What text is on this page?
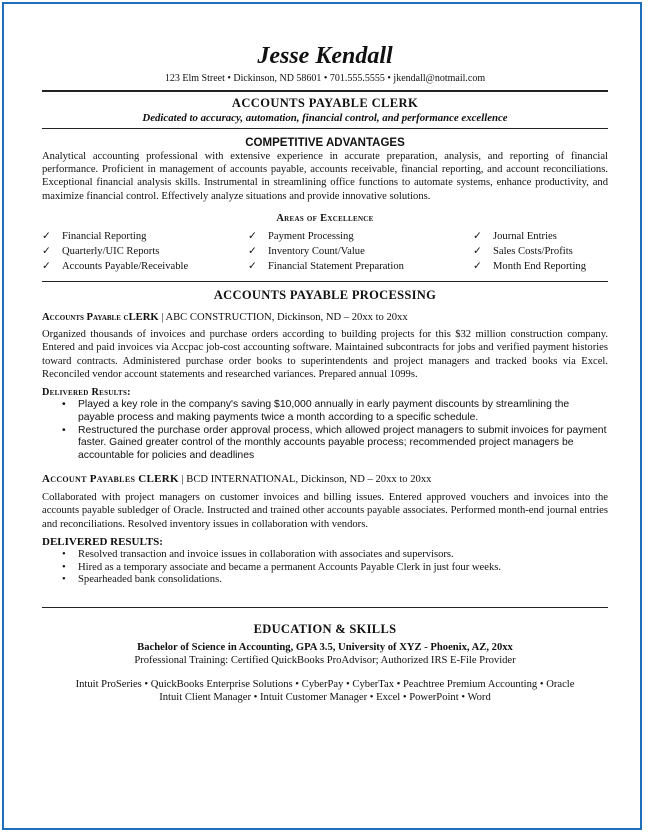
Jesse Kendall
123 Elm Street • Dickinson, ND 58601 • 701.555.5555 • jkendall@notmail.com
ACCOUNTS PAYABLE CLERK
Dedicated to accuracy, automation, financial control, and performance excellence
COMPETITIVE ADVANTAGES
Analytical accounting professional with extensive experience in accurate preparation, analysis, and reporting of financial performance. Proficient in management of accounts payable, accounts receivable, financial reporting, and account reconciliations. Exceptional financial analysis skills. Instrumental in streamlining office functions to automate systems, enhance productivity, and maximize financial control. Effectively analyze situations and provide innovative solutions.
Areas of Excellence
✓ Financial Reporting
✓ Quarterly/UIC Reports
✓ Accounts Payable/Receivable
✓ Payment Processing
✓ Inventory Count/Value
✓ Financial Statement Preparation
✓ Journal Entries
✓ Sales Costs/Profits
✓ Month End Reporting
ACCOUNTS PAYABLE PROCESSING
Accounts Payable cLERK | ABC CONSTRUCTION, Dickinson, ND – 20xx to 20xx
Organized thousands of invoices and purchase orders according to building projects for this $32 million construction company. Entered and paid invoices via Accpac job-cost accounting software. Maintained subcontracts for jobs and verified payment histories toward contracts. Administered purchase order books to superintendents and project managers and tracked books via Excel. Reconciled vendor account statements and researched variances. Prepared annual 1099s.
Delivered Results:
• Played a key role in the company's saving $10,000 annually in early payment discounts by streamlining the payable process and making payments twice a month according to a specific schedule.
• Restructured the purchase order approval process, which allowed project managers to submit invoices for payment faster. Gained greater control of the monthly accounts payable process; recommended project managers be accountable for policies and deadlines
Account Payables CLERK | BCD INTERNATIONAL, Dickinson, ND – 20xx to 20xx
Collaborated with project managers on customer invoices and billing issues. Entered approved vouchers and invoices into the accounts payable subledger of Oracle. Instructed and trained other accounts payable associates. Performed month-end journal entries and reconciliations. Resolved inventory issues in collaboration with vendors.
DELIVERED RESULTS:
• Resolved transaction and invoice issues in collaboration with associates and supervisors.
• Hired as a temporary associate and became a permanent Accounts Payable Clerk in just four weeks.
• Spearheaded bank consolidations.
EDUCATION & SKILLS
Bachelor of Science in Accounting, GPA 3.5, University of XYZ - Phoenix, AZ, 20xx
Professional Training: Certified QuickBooks ProAdvisor; Authorized IRS E-File Provider
Intuit ProSeries • QuickBooks Enterprise Solutions • CyberPay • CyberTax • Peachtree Premium Accounting • Oracle
Intuit Client Manager • Intuit Customer Manager • Excel • PowerPoint • Word
